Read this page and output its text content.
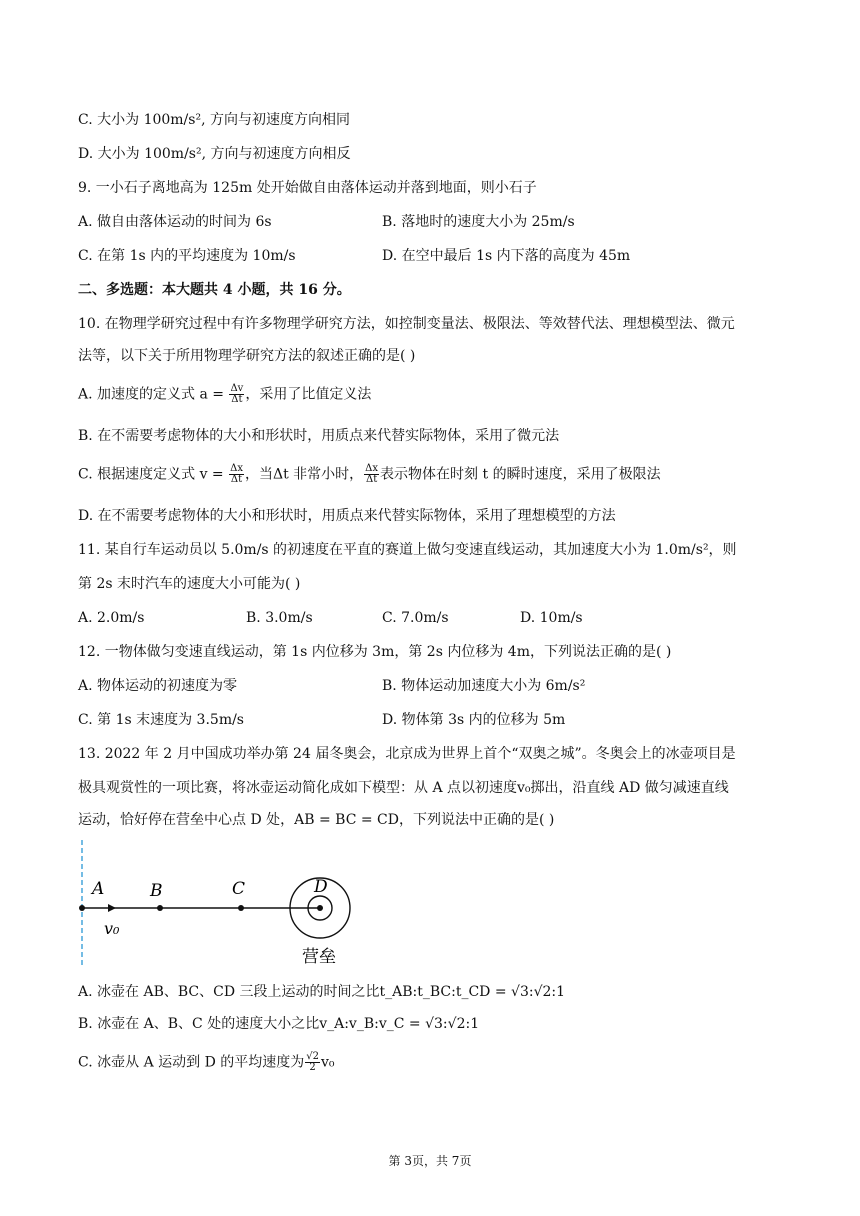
C. 大小为 100m/s², 方向与初速度方向相同
D. 大小为 100m/s², 方向与初速度方向相反
9. 一小石子离地高为 125m 处开始做自由落体运动并落到地面，则小石子
A. 做自由落体运动的时间为 6s	B. 落地时的速度大小为 25m/s
C. 在第 1s 内的平均速度为 10m/s	D. 在空中最后 1s 内下落的高度为 45m
二、多选题：本大题共 4 小题，共 16 分。
10. 在物理学研究过程中有许多物理学研究方法，如控制变量法、极限法、等效替代法、理想模型法、微元
法等，以下关于所用物理学研究方法的叙述正确的是( )
A. 加速度的定义式 $a = \frac{\Delta v}{\Delta t}$ ，采用了比值定义法
B. 在不需要考虑物体的大小和形状时，用质点来代替实际物体，采用了微元法
C. 根据速度定义式 $v = \frac{\Delta x}{\Delta t}$ ，当Δt 非常小时， $\frac{\Delta x}{\Delta t}$ 表示物体在时刻 t 的瞬时速度，采用了极限法
D. 在不需要考虑物体的大小和形状时，用质点来代替实际物体，采用了理想模型的方法
11. 某自行车运动员以 5.0m/s 的初速度在平直的赛道上做匀变速直线运动，其加速度大小为 1.0m/s²，则
第 2s 末时汽车的速度大小可能为( )
A. 2.0m/s	B. 3.0m/s	C. 7.0m/s	D. 10m/s
12. 一物体做匀变速直线运动，第 1s 内位移为 3m，第 2s 内位移为 4m，下列说法正确的是( )
A. 物体运动的初速度为零	B. 物体运动加速度大小为 6m/s²
C. 第 1s 末速度为 3.5m/s	D. 物体第 3s 内的位移为 5m
13. 2022 年 2 月中国成功举办第 24 届冬奥会，北京成为世界上首个“双奥之城”。冬奥会上的冰壶项目是
极具观赏性的一项比赛，将冰壶运动简化成如下模型：从 A 点以初速度v₀掷出，沿直线 AD 做匀减速直线
运动，恰好停在营垒中心点 D 处，AB = BC = CD，下列说法中正确的是( )
A	B	C	D
v₀
营垒
A. 冰壶在 AB、BC、CD 三段上运动的时间之比t_AB:t_BC:t_CD = √3:√2:1
B. 冰壶在 A、B、C 处的速度大小之比v_A:v_B:v_C = √3:√2:1
C. 冰壶从 A 运动到 D 的平均速度为 $\frac{√2}{2} v_0$
第 3页，共 7页
